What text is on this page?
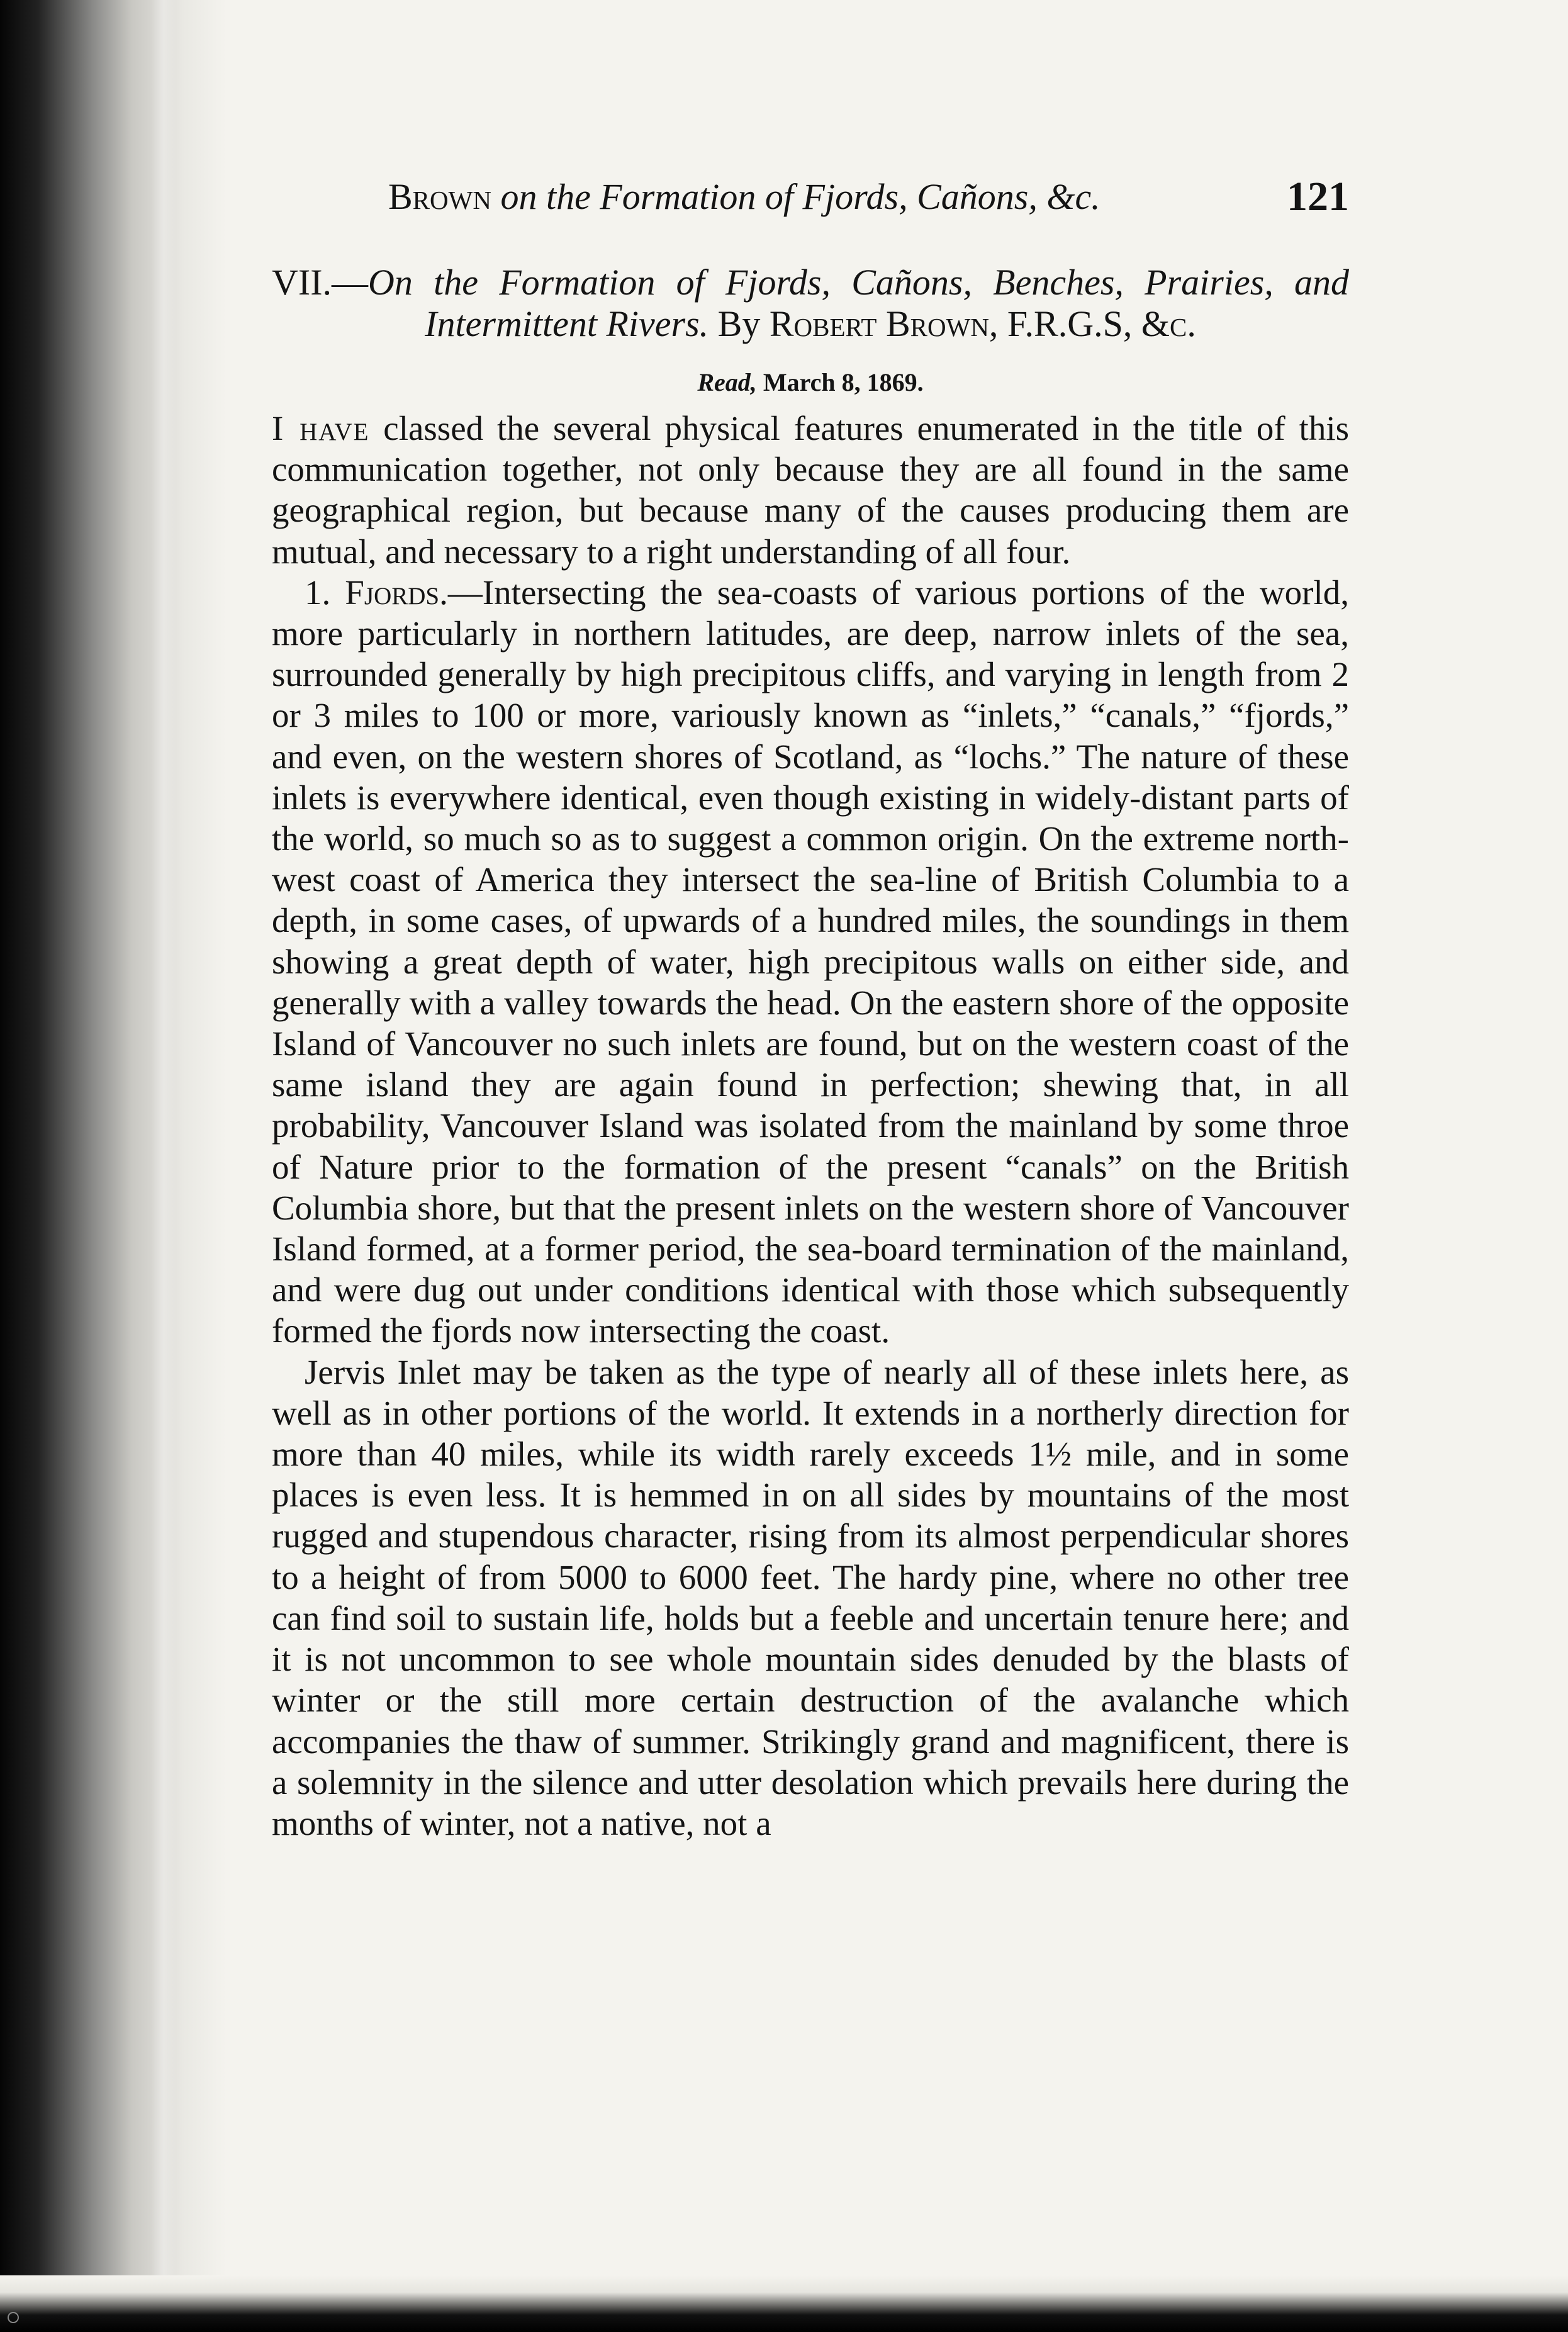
Brown on the Formation of Fjords, Cañons, &c.	121
VII.—On the Formation of Fjords, Cañons, Benches, Prairies, and Intermittent Rivers. By Robert Brown, F.R.G.S, &c.
Read, March 8, 1869.

I have classed the several physical features enumerated in the title of this communication together, not only because they are all found in the same geographical region, but because many of the causes producing them are mutual, and necessary to a right understanding of all four.

1. Fjords.—Intersecting the sea-coasts of various portions of the world, more particularly in northern latitudes, are deep, narrow inlets of the sea, surrounded generally by high precipitous cliffs, and varying in length from 2 or 3 miles to 100 or more, variously known as “inlets,” “canals,” “fjords,” and even, on the western shores of Scotland, as “lochs.” The nature of these inlets is everywhere identical, even though existing in widely-distant parts of the world, so much so as to suggest a common origin. On the extreme north-west coast of America they intersect the sea-line of British Columbia to a depth, in some cases, of upwards of a hundred miles, the soundings in them showing a great depth of water, high precipitous walls on either side, and generally with a valley towards the head. On the eastern shore of the opposite Island of Vancouver no such inlets are found, but on the western coast of the same island they are again found in perfection; shewing that, in all probability, Vancouver Island was isolated from the mainland by some throe of Nature prior to the formation of the present “canals” on the British Columbia shore, but that the present inlets on the western shore of Vancouver Island formed, at a former period, the sea-board termination of the mainland, and were dug out under conditions identical with those which subsequently formed the fjords now intersecting the coast.

Jervis Inlet may be taken as the type of nearly all of these inlets here, as well as in other portions of the world. It extends in a northerly direction for more than 40 miles, while its width rarely exceeds 1½ mile, and in some places is even less. It is hemmed in on all sides by mountains of the most rugged and stupendous character, rising from its almost perpendicular shores to a height of from 5000 to 6000 feet. The hardy pine, where no other tree can find soil to sustain life, holds but a feeble and uncertain tenure here; and it is not uncommon to see whole mountain sides denuded by the blasts of winter or the still more certain destruction of the avalanche which accompanies the thaw of summer. Strikingly grand and magnificent, there is a solemnity in the silence and utter desolation which prevails here during the months of winter, not a native, not a
